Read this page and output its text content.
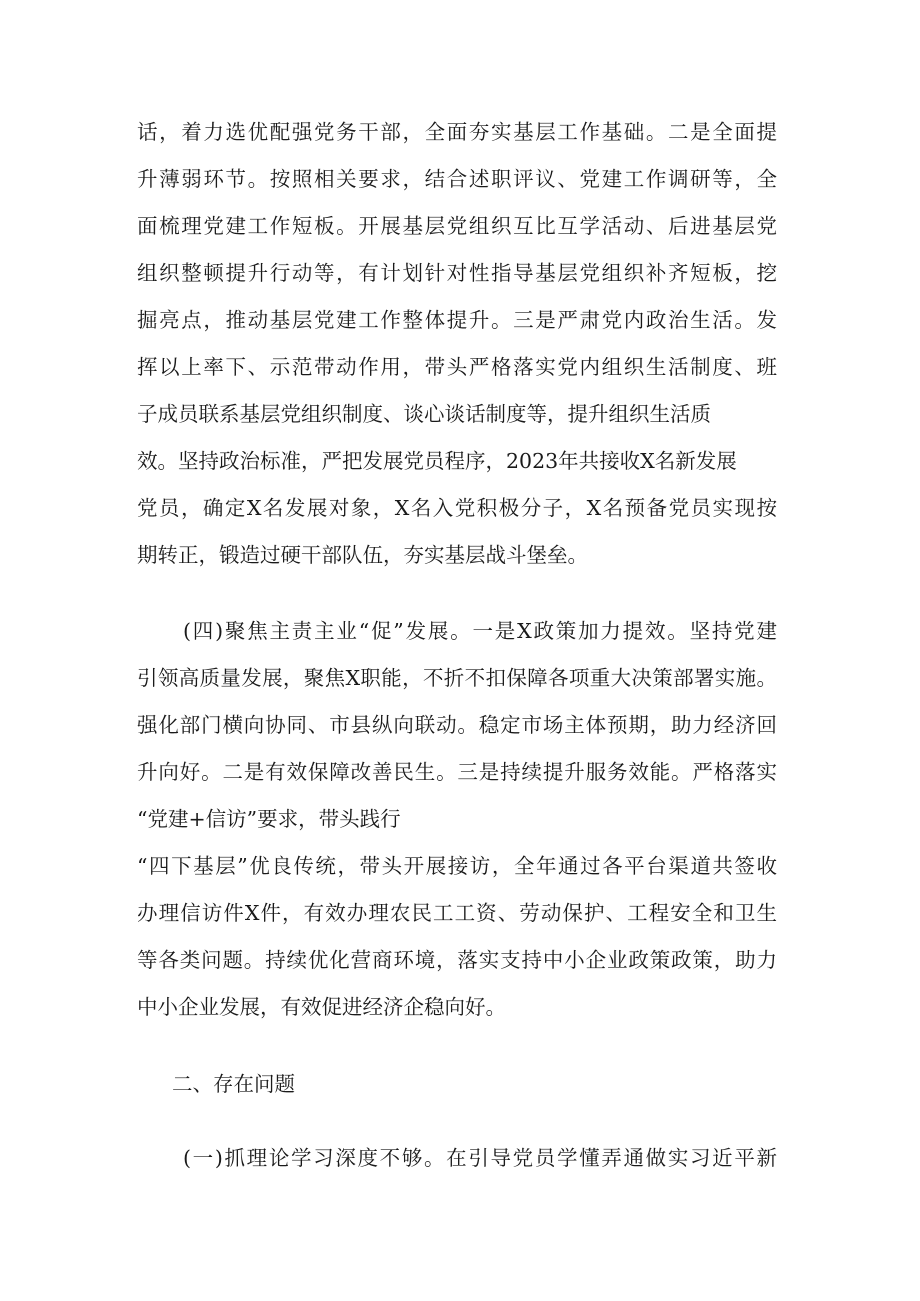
话，着力选优配强党务干部，全面夯实基层工作基础。二是全面提
升薄弱环节。按照相关要求，结合述职评议、党建工作调研等，全
面梳理党建工作短板。开展基层党组织互比互学活动、后进基层党
组织整顿提升行动等，有计划针对性指导基层党组织补齐短板，挖
掘亮点，推动基层党建工作整体提升。三是严肃党内政治生活。发
挥以上率下、示范带动作用，带头严格落实党内组织生活制度、班
子成员联系基层党组织制度、谈心谈话制度等，提升组织生活质
效。坚持政治标准，严把发展党员程序，2023年共接收X名新发展
党员，确定X名发展对象，X名入党积极分子，X名预备党员实现按
期转正，锻造过硬干部队伍，夯实基层战斗堡垒。
(四)聚焦主责主业“促”发展。一是X政策加力提效。坚持党建
引领高质量发展，聚焦X职能，不折不扣保障各项重大决策部署实施。
强化部门横向协同、市县纵向联动。稳定市场主体预期，助力经济回
升向好。二是有效保障改善民生。三是持续提升服务效能。严格落实
“党建+信访”要求，带头践行
“四下基层”优良传统，带头开展接访，全年通过各平台渠道共签收
办理信访件X件，有效办理农民工工资、劳动保护、工程安全和卫生
等各类问题。持续优化营商环境，落实支持中小企业政策政策，助力
中小企业发展，有效促进经济企稳向好。
二、存在问题
(一)抓理论学习深度不够。在引导党员学懂弄通做实习近平新
